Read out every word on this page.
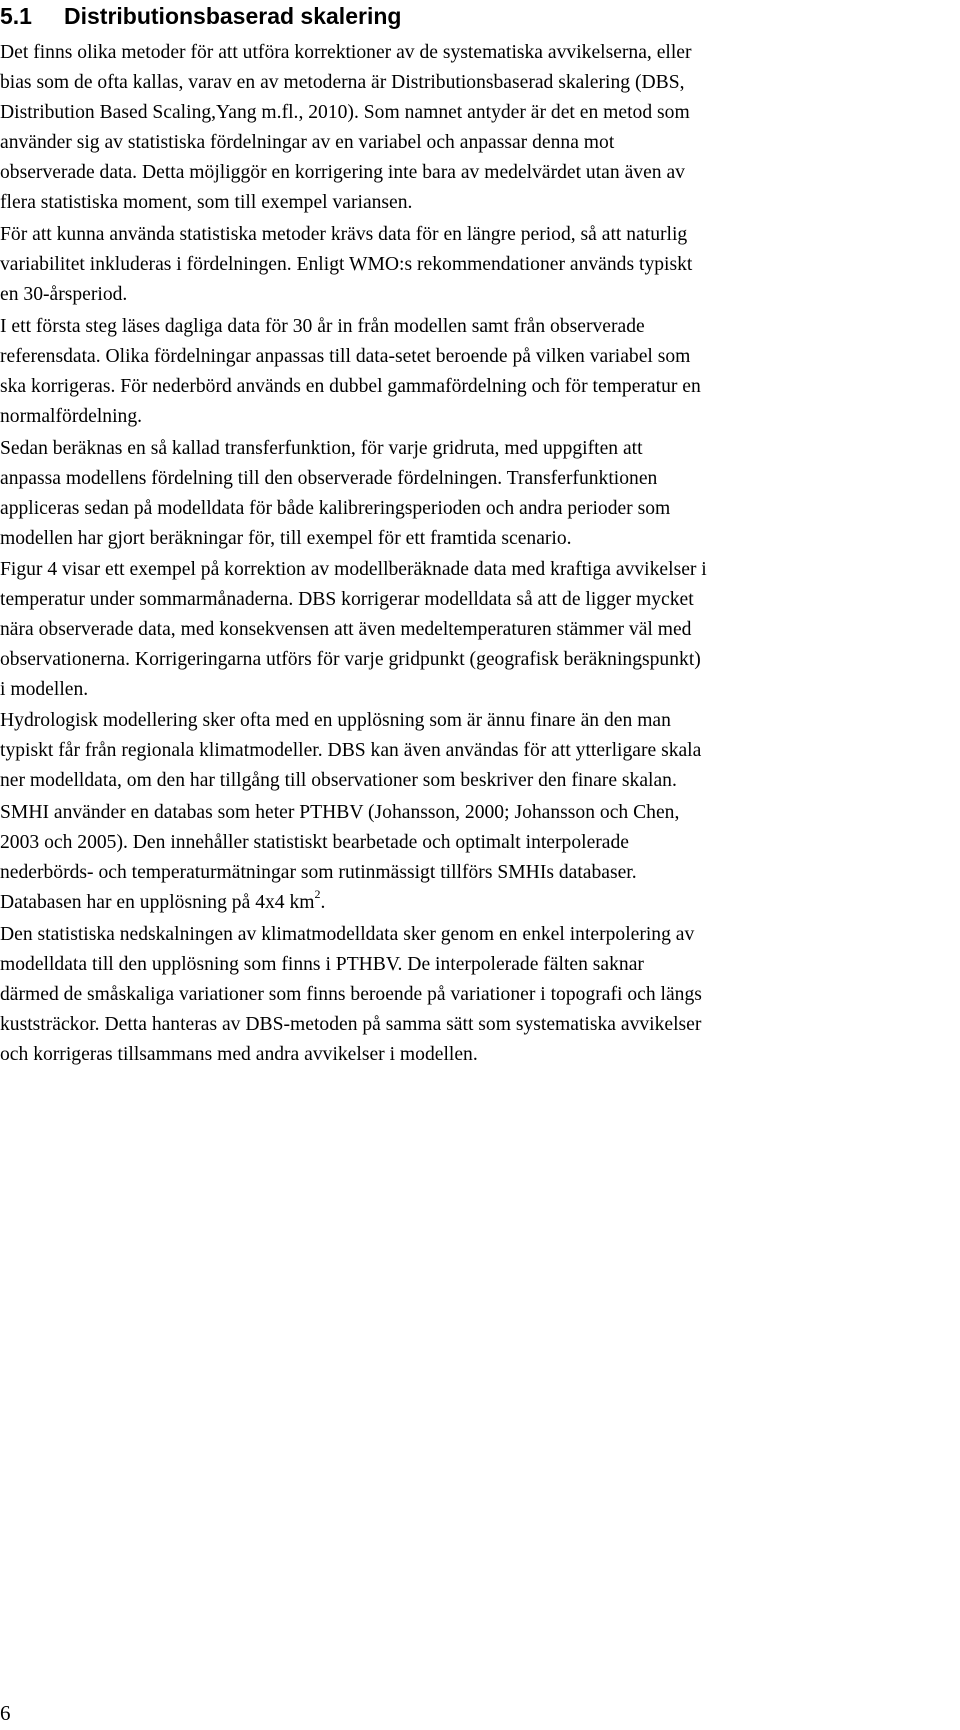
5.1 Distributionsbaserad skalering
Det finns olika metoder för att utföra korrektioner av de systematiska avvikelserna, eller
bias som de ofta kallas, varav en av metoderna är Distributionsbaserad skalering (DBS,
Distribution Based Scaling,Yang m.fl., 2010). Som namnet antyder är det en metod som
använder sig av statistiska fördelningar av en variabel och anpassar denna mot
observerade data. Detta möjliggör en korrigering inte bara av medelvärdet utan även av
flera statistiska moment, som till exempel variansen.
För att kunna använda statistiska metoder krävs data för en längre period, så att naturlig
variabilitet inkluderas i fördelningen. Enligt WMO:s rekommendationer används typiskt
en 30-årsperiod.
I ett första steg läses dagliga data för 30 år in från modellen samt från observerade
referensdata. Olika fördelningar anpassas till data-setet beroende på vilken variabel som
ska korrigeras. För nederbörd används en dubbel gammafördelning och för temperatur en
normalfördelning.
Sedan beräknas en så kallad transferfunktion, för varje gridruta, med uppgiften att
anpassa modellens fördelning till den observerade fördelningen. Transferfunktionen
appliceras sedan på modelldata för både kalibreringsperioden och andra perioder som
modellen har gjort beräkningar för, till exempel för ett framtida scenario.
Figur 4 visar ett exempel på korrektion av modellberäknade data med kraftiga avvikelser i
temperatur under sommarmånaderna. DBS korrigerar modelldata så att de ligger mycket
nära observerade data, med konsekvensen att även medeltemperaturen stämmer väl med
observationerna. Korrigeringarna utförs för varje gridpunkt (geografisk beräkningspunkt)
i modellen.
Hydrologisk modellering sker ofta med en upplösning som är ännu finare än den man
typiskt får från regionala klimatmodeller. DBS kan även användas för att ytterligare skala
ner modelldata, om den har tillgång till observationer som beskriver den finare skalan.
SMHI använder en databas som heter PTHBV (Johansson, 2000; Johansson och Chen,
2003 och 2005). Den innehåller statistiskt bearbetade och optimalt interpolerade
nederbörds- och temperaturmätningar som rutinmässigt tillförs SMHIs databaser.
Databasen har en upplösning på 4x4 $km^2$.
Den statistiska nedskalningen av klimatmodelldata sker genom en enkel interpolering av
modelldata till den upplösning som finns i PTHBV. De interpolerade fälten saknar
därmed de småskaliga variationer som finns beroende på variationer i topografi och längs
kuststräckor. Detta hanteras av DBS-metoden på samma sätt som systematiska avvikelser
och korrigeras tillsammans med andra avvikelser i modellen.
6
